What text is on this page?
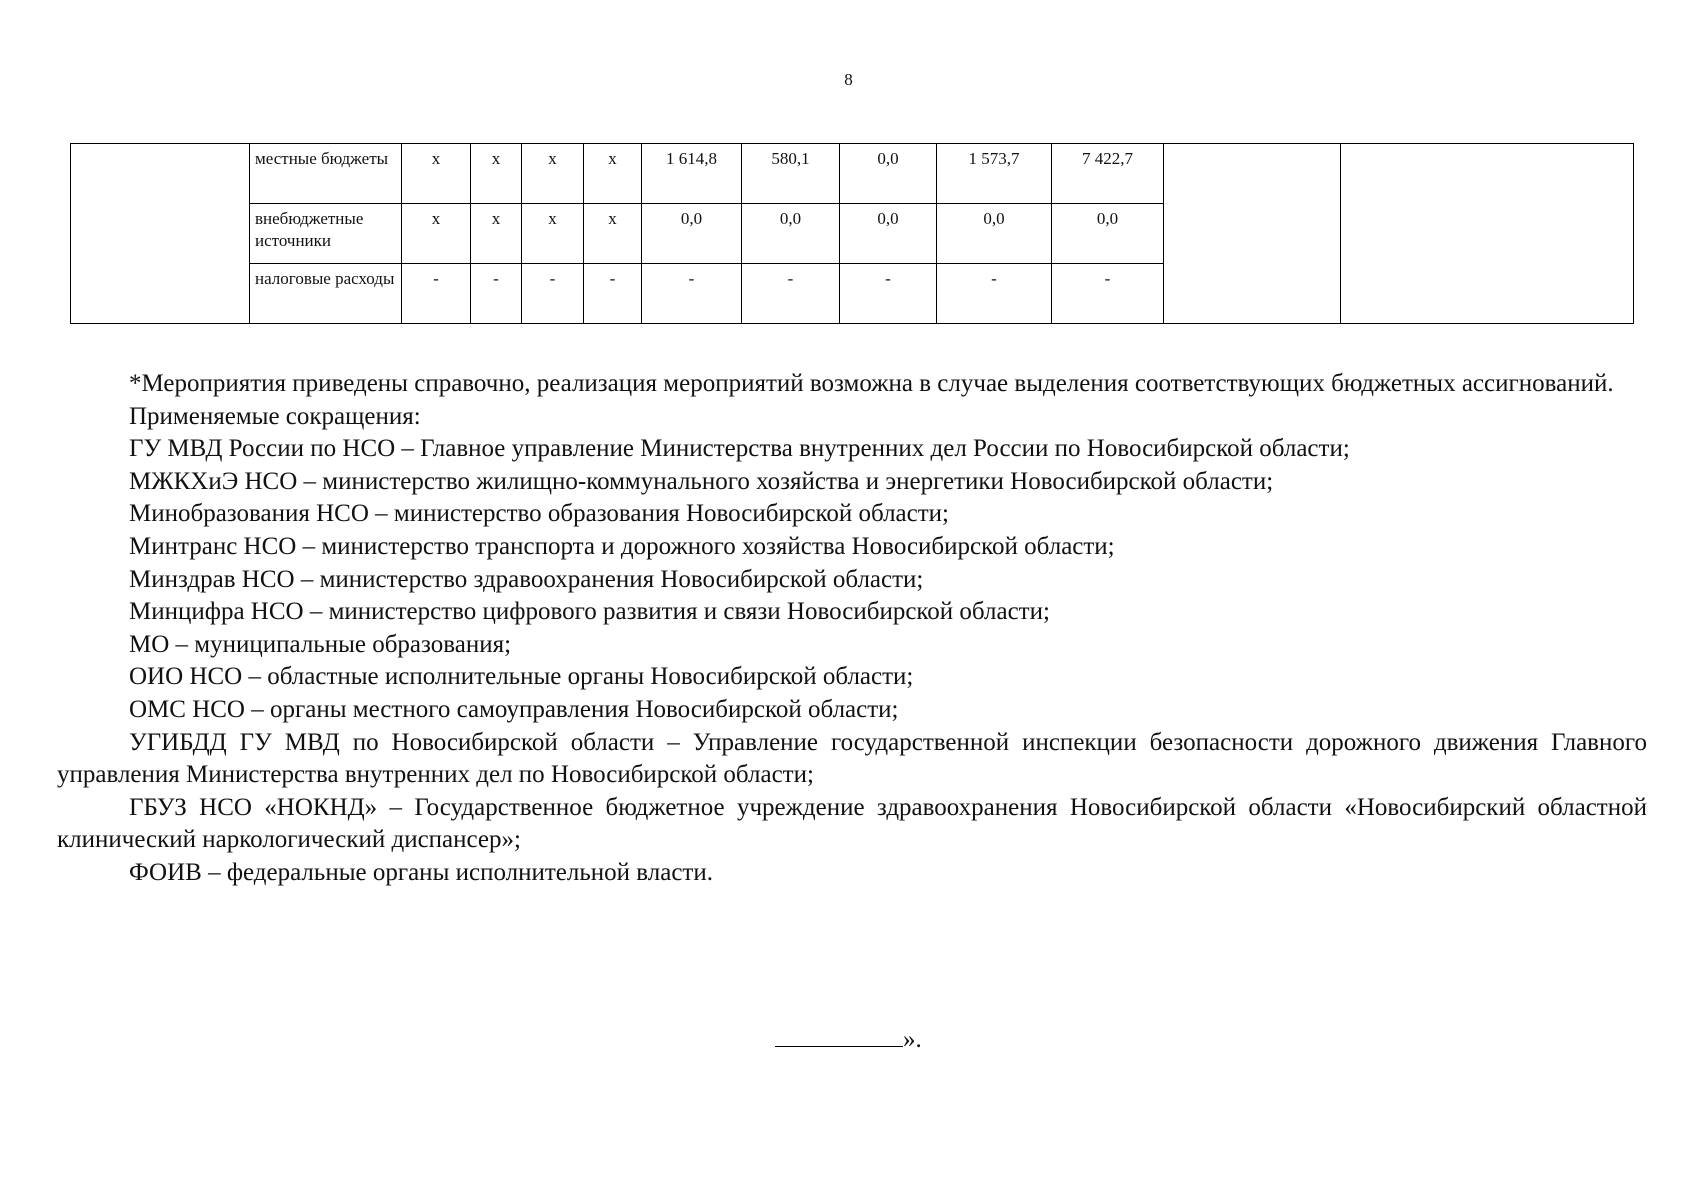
8
	местные бюджеты	x	x	x	x	1 614,8	580,1	0,0	1 573,7	7 422,7		
	внебюджетные источники	x	x	x	x	0,0	0,0	0,0	0,0	0,0		
	налоговые расходы	-	-	-	-	-	-	-	-	-		

*Мероприятия приведены справочно, реализация мероприятий возможна в случае выделения соответствующих бюджетных ассигнований.

Применяемые сокращения:

ГУ МВД России по НСО – Главное управление Министерства внутренних дел России по Новосибирской области;

МЖКХиЭ НСО – министерство жилищно-коммунального хозяйства и энергетики Новосибирской области;

Минобразования НСО – министерство образования Новосибирской области;

Минтранс НСО – министерство транспорта и дорожного хозяйства Новосибирской области;

Минздрав НСО – министерство здравоохранения Новосибирской области;

Минцифра НСО – министерство цифрового развития и связи Новосибирской области;

МО – муниципальные образования;

ОИО НСО – областные исполнительные органы Новосибирской области;

ОМС НСО – органы местного самоуправления Новосибирской области;

УГИБДД ГУ МВД по Новосибирской области – Управление государственной инспекции безопасности дорожного движения Главного управления Министерства внутренних дел по Новосибирской области;

ГБУЗ НСО «НОКНД» – Государственное бюджетное учреждение здравоохранения Новосибирской области «Новосибирский областной клинический наркологический диспансер»;

ФОИВ – федеральные органы исполнительной власти.

».
